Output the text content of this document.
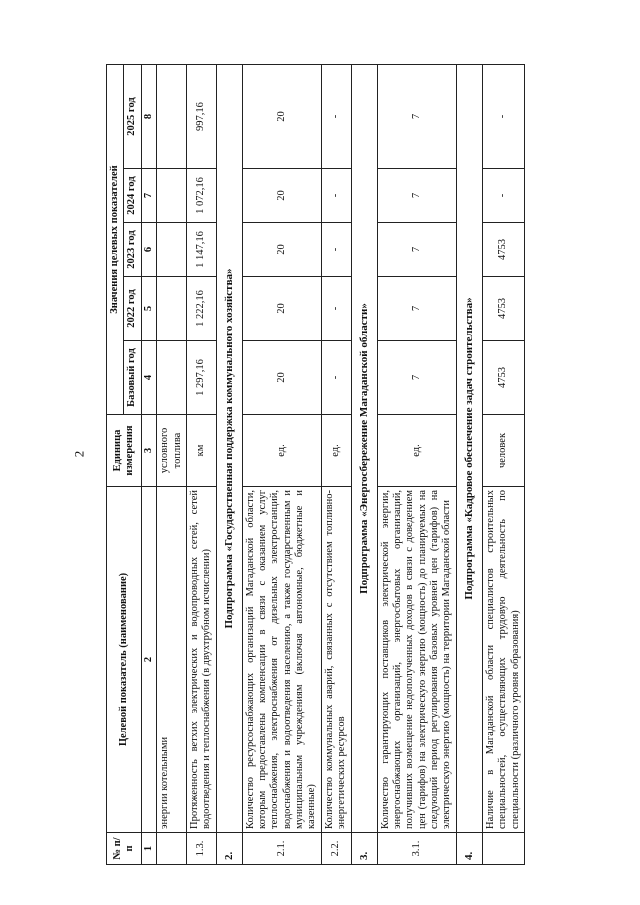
2
№ п/п	Целевой показатель (наименование)	Единица измерения	Значения целевых показателей				
			Базовый год	2022 год	2023 год	2024 год	2025 год
1	2	3	4	5	6	7	8
	энергии котельными	условного топлива					
1.3.	Протяженность ветхих электрических и водопроводных сетей, сетей водоотведения и теплоснабжения (в двухтрубном исчислении)	км	1 297,16	1 222,16	1 147,16	1 072,16	997,16
2.	Подпрограмма «Государственная поддержка коммунального хозяйства»						
2.1.	Количество ресурсоснабжающих организаций Магаданской области, которым предоставлены компенсации в связи с оказанием услуг теплоснабжения, электроснабжения от дизельных электростанций, водоснабжения и водоотведения населению, а также государственным и муниципальным учреждениям (включая автономные, бюджетные и казенные)	ед.	20	20	20	20	20
2.2.	Количество коммунальных аварий, связанных с отсутствием топливно-энергетических ресурсов	ед.	-	-	-	-	-
3.	Подпрограмма «Энергосбережение Магаданской области»						
3.1.	Количество гарантирующих поставщиков электрической энергии, энергоснабжающих организаций, энергосбытовых организаций, получивших возмещение недополученных доходов в связи с доведением цен (тарифов) на электрическую энергию (мощность) до планируемых на следующий период регулирования базовых уровней цен (тарифов) на электрическую энергию (мощность) на территории Магаданской области	ед.	7	7	7	7	7
4.	Подпрограмма «Кадровое обеспечение задач строительства»						
	Наличие в Магаданской области специалистов строительных специальностей, осуществляющих трудовую деятельность по специальности (различного уровня образования)	человек	4753	4753	4753	-	-
